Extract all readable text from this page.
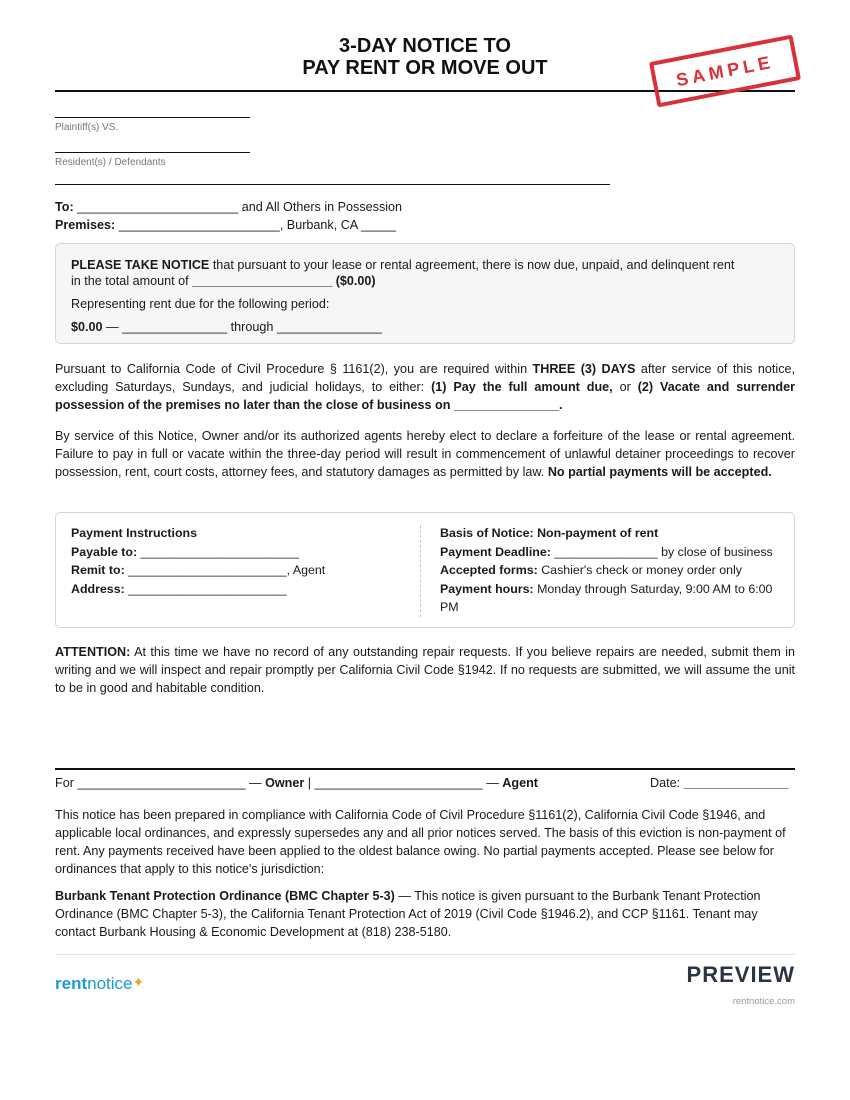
3-DAY NOTICE TO
PAY RENT OR MOVE OUT	SAMPLE
Plaintiff(s) VS.
Resident(s) / Defendants
To: _______________________ and All Others in Possession
Premises: _______________________, Burbank, CA _____
PLEASE TAKE NOTICE that pursuant to your lease or rental agreement, there is now due, unpaid, and delinquent rent
in the total amount of ____________________ ($0.00)
Representing rent due for the following period:
$0.00 — _______________ through _______________
Pursuant to California Code of Civil Procedure § 1161(2), you are required within THREE (3) DAYS after service of this notice, excluding Saturdays, Sundays, and judicial holidays, to either: (1) Pay the full amount due, or (2) Vacate and surrender possession of the premises no later than the close of business on _______________.
By service of this Notice, Owner and/or its authorized agents hereby elect to declare a forfeiture of the lease or rental agreement. Failure to pay in full or vacate within the three-day period will result in commencement of unlawful detainer proceedings to recover possession, rent, court costs, attorney fees, and statutory damages as permitted by law. No partial payments will be accepted.
Payment Instructions
Payable to: _______________________
Remit to: _______________________, Agent
Address: _______________________
Basis of Notice: Non-payment of rent
Payment Deadline: _______________ by close of business
Accepted forms: Cashier's check or money order only
Payment hours: Monday through Saturday, 9:00 AM to 6:00 PM
ATTENTION: At this time we have no record of any outstanding repair requests. If you believe repairs are needed, submit them in writing and we will inspect and repair promptly per California Civil Code §1942. If no requests are submitted, we will assume the unit to be in good and habitable condition.
For ________________________ — Owner | ________________________ — Agent	Date: _______________
This notice has been prepared in compliance with California Code of Civil Procedure §1161(2), California Civil Code §1946, and applicable local ordinances, and expressly supersedes any and all prior notices served. The basis of this eviction is non-payment of rent. Any payments received have been applied to the oldest balance owing. No partial payments accepted. Please see below for ordinances that apply to this notice's jurisdiction:
Burbank Tenant Protection Ordinance (BMC Chapter 5-3) — This notice is given pursuant to the Burbank Tenant Protection Ordinance (BMC Chapter 5-3), the California Tenant Protection Act of 2019 (Civil Code §1946.2), and CCP §1161. Tenant may contact Burbank Housing & Economic Development at (818) 238-5180.
rentnotice✦	PREVIEW
rentnotice.com
